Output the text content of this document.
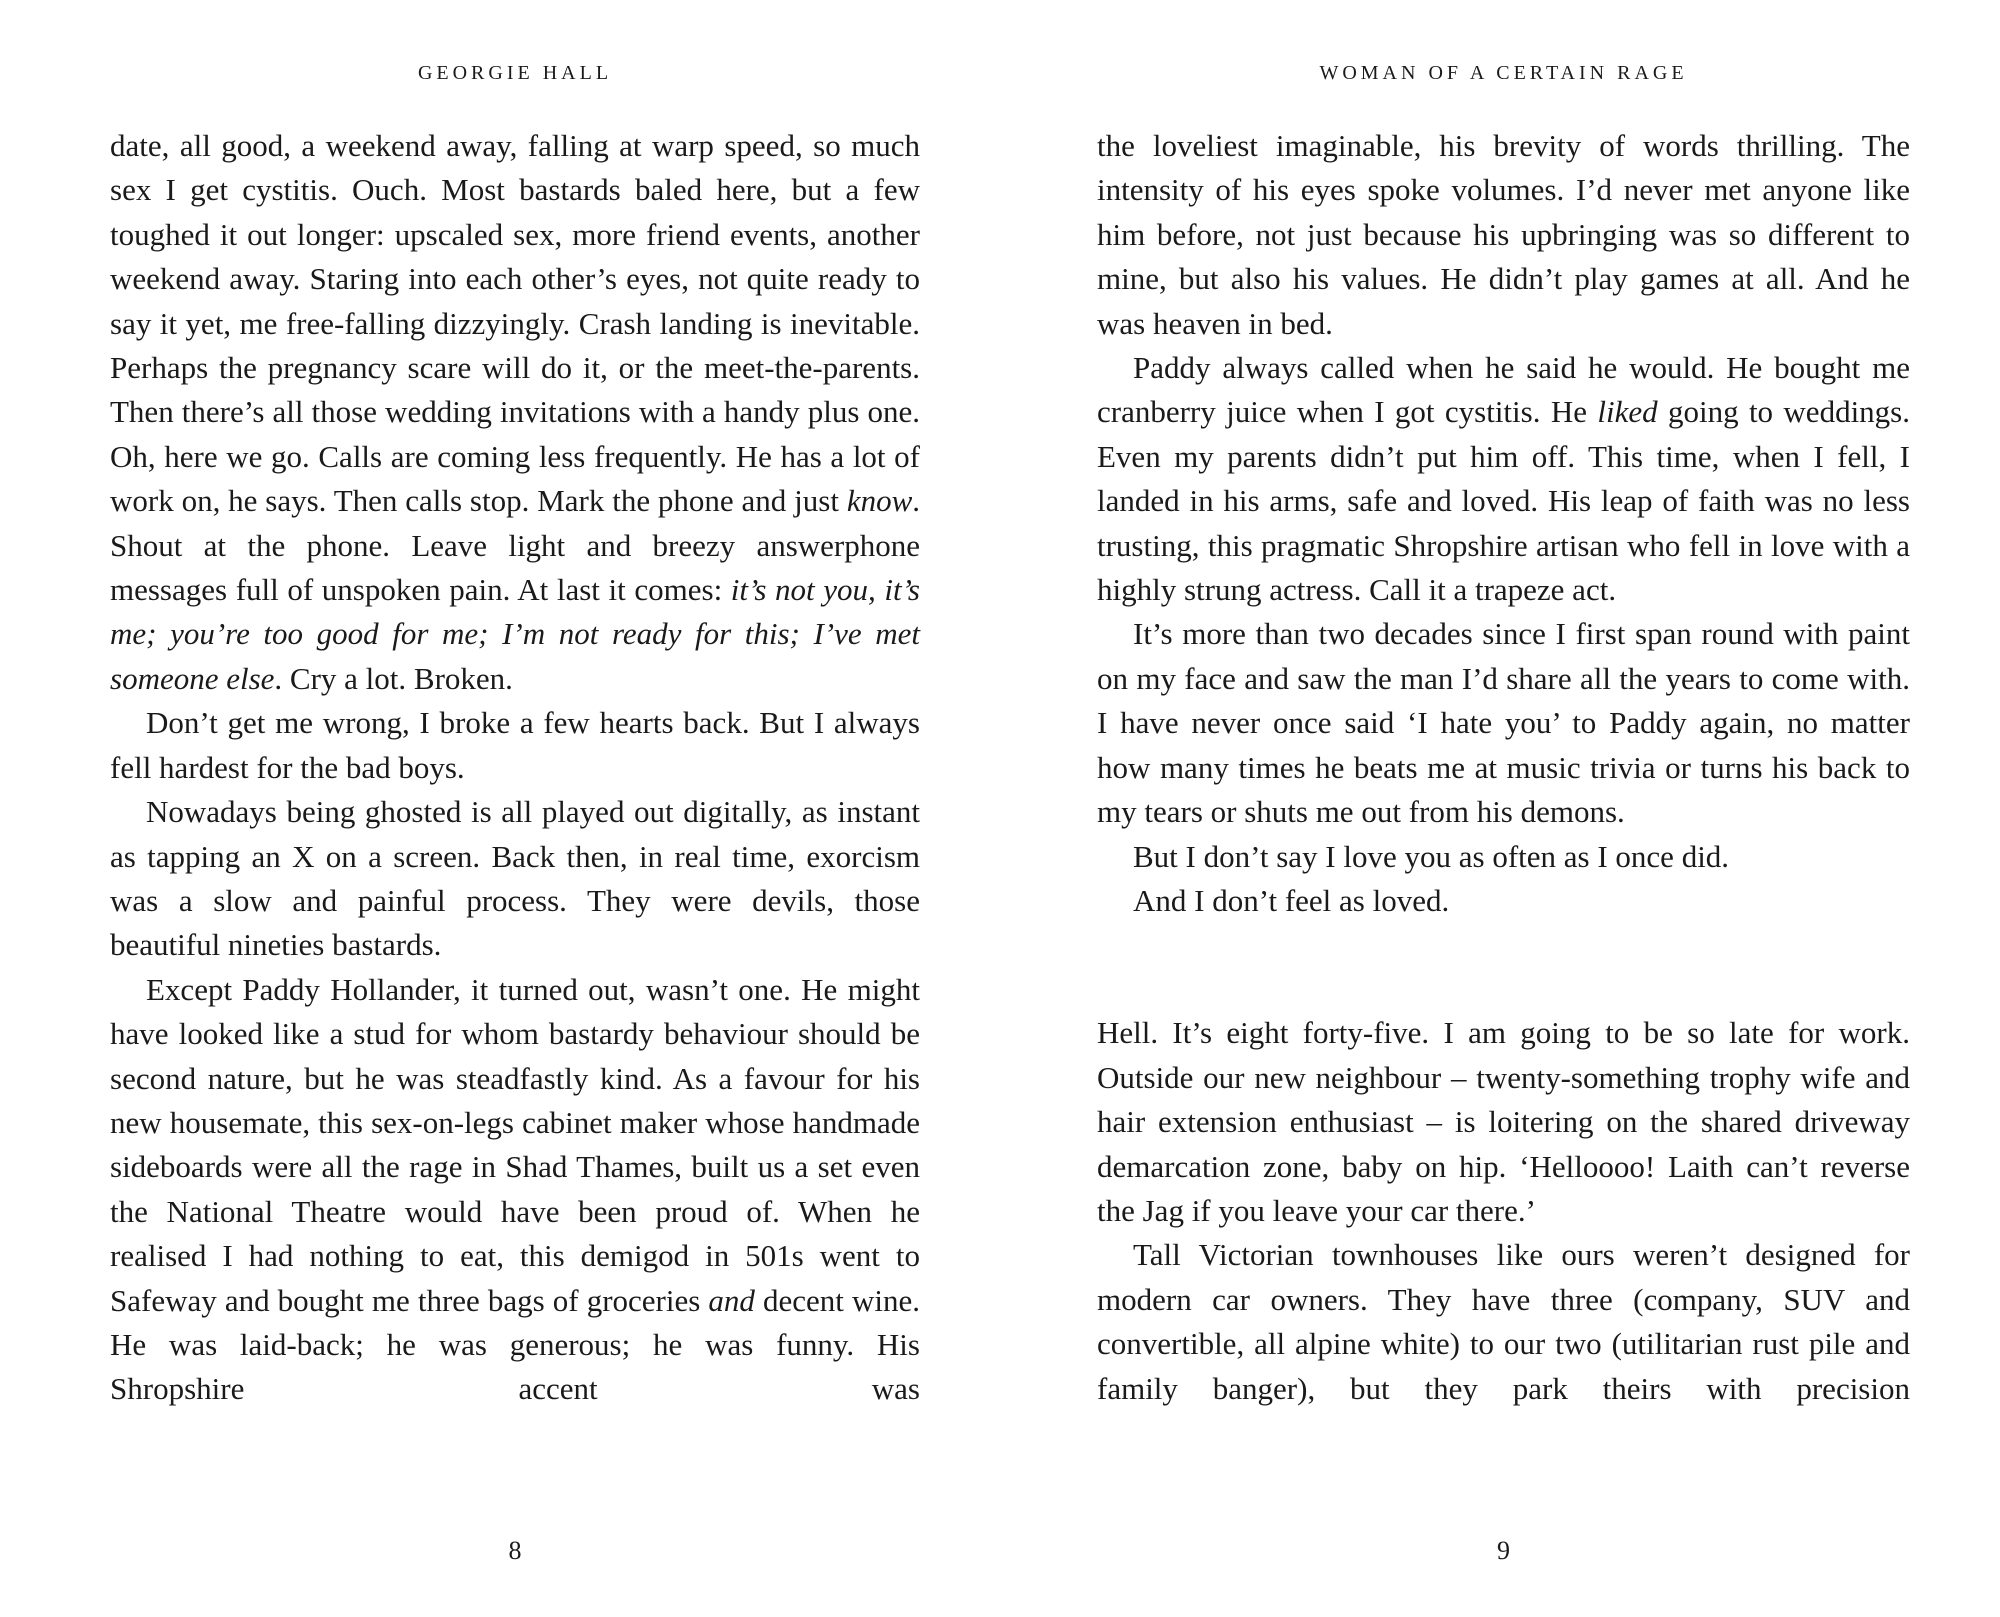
GEORGIE HALL

date, all good, a weekend away, falling at warp speed, so much sex I get cystitis. Ouch. Most bastards baled here, but a few toughed it out longer: upscaled sex, more friend events, another weekend away. Staring into each other’s eyes, not quite ready to say it yet, me free-falling dizzyingly. Crash landing is inevitable. Perhaps the pregnancy scare will do it, or the meet-the-parents. Then there’s all those wedding invitations with a handy plus one. Oh, here we go. Calls are coming less frequently. He has a lot of work on, he says. Then calls stop. Mark the phone and just know. Shout at the phone. Leave light and breezy answerphone messages full of unspoken pain. At last it comes: it’s not you, it’s me; you’re too good for me; I’m not ready for this; I’ve met someone else. Cry a lot. Broken.

Don’t get me wrong, I broke a few hearts back. But I always fell hardest for the bad boys.

Nowadays being ghosted is all played out digitally, as instant as tapping an X on a screen. Back then, in real time, exorcism was a slow and painful process. They were devils, those beautiful nineties bastards.

Except Paddy Hollander, it turned out, wasn’t one. He might have looked like a stud for whom bastardy behaviour should be second nature, but he was steadfastly kind. As a favour for his new housemate, this sex-on-legs cabinet maker whose handmade sideboards were all the rage in Shad Thames, built us a set even the National Theatre would have been proud of. When he realised I had nothing to eat, this demigod in 501s went to Safeway and bought me three bags of groceries and decent wine. He was laid-back; he was generous; he was funny. His Shropshire accent was

8
WOMAN OF A CERTAIN RAGE

the loveliest imaginable, his brevity of words thrilling. The intensity of his eyes spoke volumes. I’d never met anyone like him before, not just because his upbringing was so different to mine, but also his values. He didn’t play games at all. And he was heaven in bed.

Paddy always called when he said he would. He bought me cranberry juice when I got cystitis. He liked going to weddings. Even my parents didn’t put him off. This time, when I fell, I landed in his arms, safe and loved. His leap of faith was no less trusting, this pragmatic Shropshire artisan who fell in love with a highly strung actress. Call it a trapeze act.

It’s more than two decades since I first span round with paint on my face and saw the man I’d share all the years to come with. I have never once said ‘I hate you’ to Paddy again, no matter how many times he beats me at music trivia or turns his back to my tears or shuts me out from his demons.

But I don’t say I love you as often as I once did.

And I don’t feel as loved.

Hell. It’s eight forty-five. I am going to be so late for work. Outside our new neighbour – twenty-something trophy wife and hair extension enthusiast – is loitering on the shared driveway demarcation zone, baby on hip. ‘Helloooo! Laith can’t reverse the Jag if you leave your car there.’

Tall Victorian townhouses like ours weren’t designed for modern car owners. They have three (company, SUV and convertible, all alpine white) to our two (utilitarian rust pile and family banger), but they park theirs with precision

9
